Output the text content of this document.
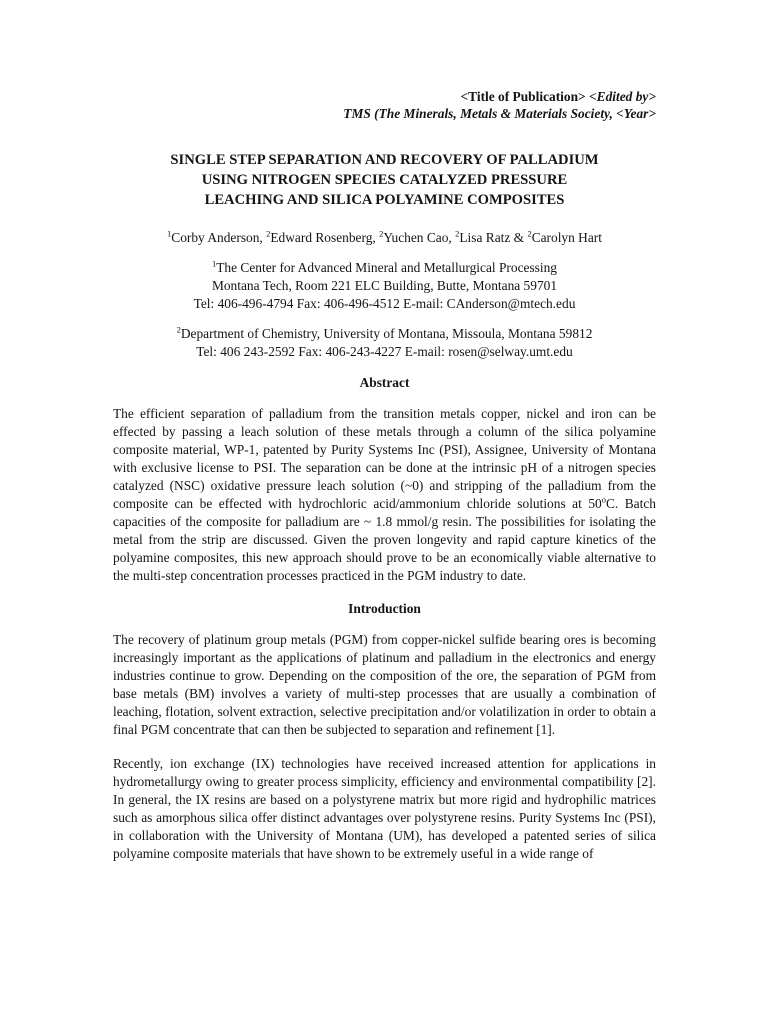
<Title of Publication> <Edited by>
TMS (The Minerals, Metals & Materials Society, <Year>
SINGLE STEP SEPARATION AND RECOVERY OF PALLADIUM
USING NITROGEN SPECIES CATALYZED PRESSURE
LEACHING AND SILICA POLYAMINE COMPOSITES
$^1$Corby Anderson, $^2$Edward Rosenberg, $^2$Yuchen Cao, $^2$Lisa Ratz & $^2$Carolyn Hart
$^1$The Center for Advanced Mineral and Metallurgical Processing
Montana Tech, Room 221 ELC Building, Butte, Montana 59701
Tel: 406-496-4794 Fax: 406-496-4512 E-mail: CAnderson@mtech.edu
$^2$Department of Chemistry, University of Montana, Missoula, Montana 59812
Tel: 406 243-2592 Fax: 406-243-4227 E-mail: rosen@selway.umt.edu
Abstract

The efficient separation of palladium from the transition metals copper, nickel and iron can be effected by passing a leach solution of these metals through a column of the silica polyamine composite material, WP-1, patented by Purity Systems Inc (PSI), Assignee, University of Montana with exclusive license to PSI. The separation can be done at the intrinsic pH of a nitrogen species catalyzed (NSC) oxidative pressure leach solution (~0) and stripping of the palladium from the composite can be effected with hydrochloric acid/ammonium chloride solutions at 50$^o$C. Batch capacities of the composite for palladium are ~ 1.8 mmol/g resin. The possibilities for isolating the metal from the strip are discussed. Given the proven longevity and rapid capture kinetics of the polyamine composites, this new approach should prove to be an economically viable alternative to the multi-step concentration processes practiced in the PGM industry to date.

Introduction

The recovery of platinum group metals (PGM) from copper-nickel sulfide bearing ores is becoming increasingly important as the applications of platinum and palladium in the electronics and energy industries continue to grow. Depending on the composition of the ore, the separation of PGM from base metals (BM) involves a variety of multi-step processes that are usually a combination of leaching, flotation, solvent extraction, selective precipitation and/or volatilization in order to obtain a final PGM concentrate that can then be subjected to separation and refinement [1].

Recently, ion exchange (IX) technologies have received increased attention for applications in hydrometallurgy owing to greater process simplicity, efficiency and environmental compatibility [2]. In general, the IX resins are based on a polystyrene matrix but more rigid and hydrophilic matrices such as amorphous silica offer distinct advantages over polystyrene resins. Purity Systems Inc (PSI), in collaboration with the University of Montana (UM), has developed a patented series of silica polyamine composite materials that have shown to be extremely useful in a wide range of
